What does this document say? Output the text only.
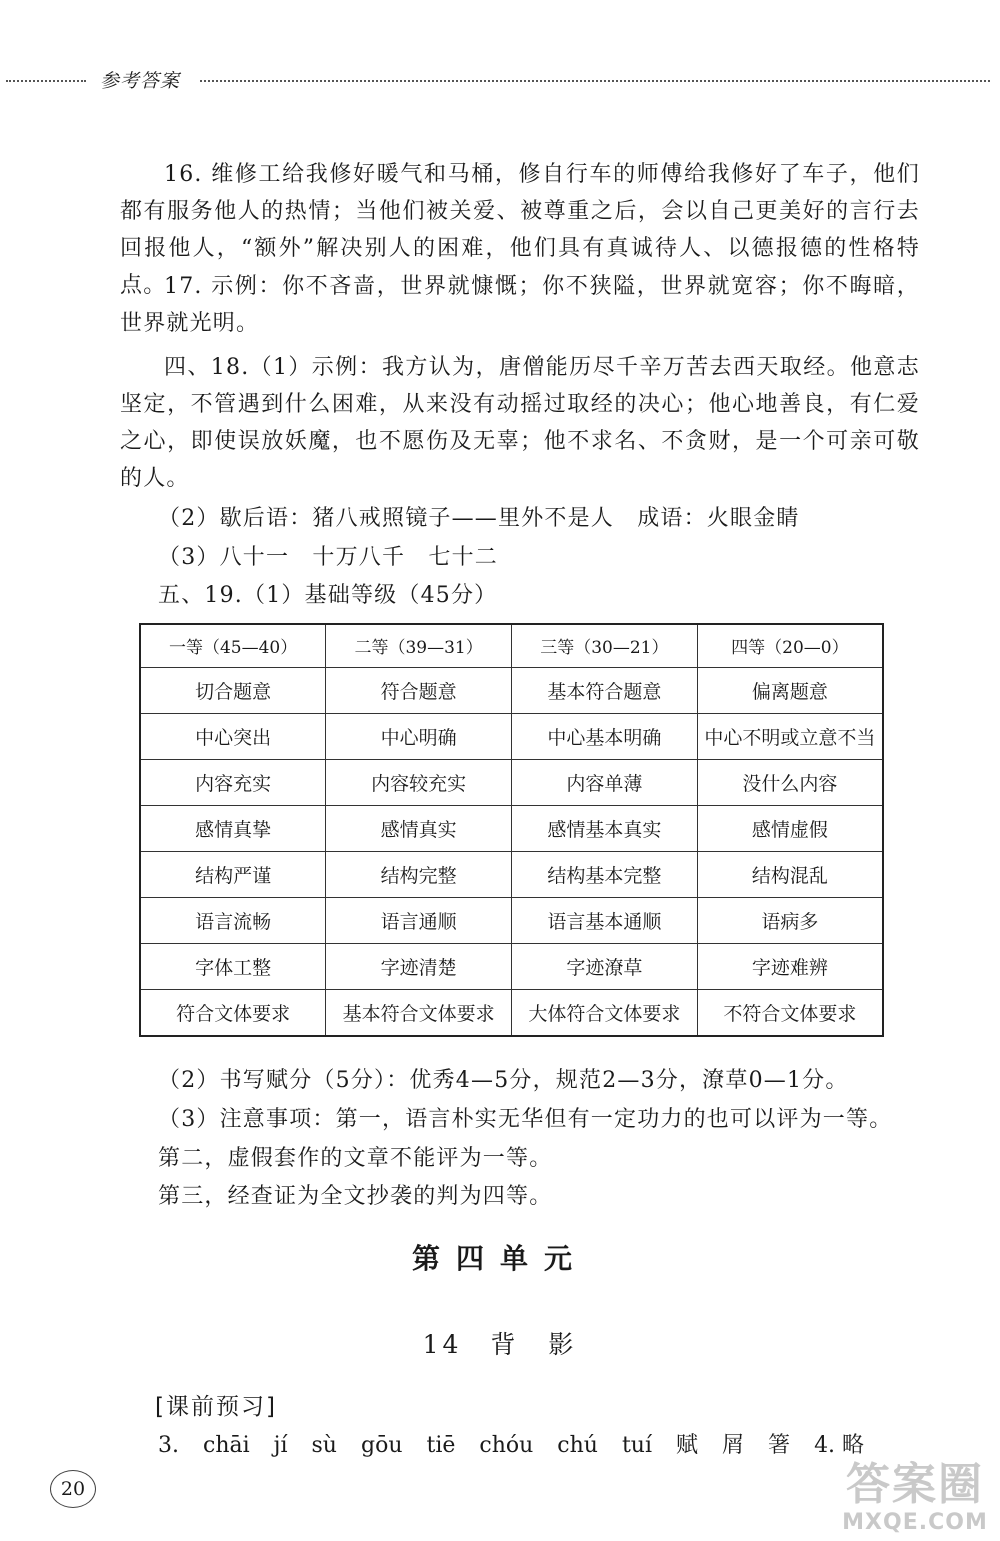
参考答案

16. 维修工给我修好暖气和马桶，修自行车的师傅给我修好了车子，他们都有服务他人的热情；当他们被关爱、被尊重之后，会以自己更美好的言行去回报他人，“额外”解决别人的困难，他们具有真诚待人、以德报德的性格特点。

17. 示例：你不吝啬，世界就慷慨；你不狭隘，世界就宽容；你不晦暗，世界就光明。

四、18.（1）示例：我方认为，唐僧能历尽千辛万苦去西天取经。他意志坚定，不管遇到什么困难，从来没有动摇过取经的决心；他心地善良，有仁爱之心，即使误放妖魔，也不愿伤及无辜；他不求名、不贪财，是一个可亲可敬的人。

（2）歇后语：猪八戒照镜子——里外不是人　成语：火眼金睛

（3）八十一　十万八千　七十二

五、19.（1）基础等级（45分）

一等（45—40）	二等（39—31）	三等（30—21）	四等（20—0）
切合题意	符合题意	基本符合题意	偏离题意
中心突出	中心明确	中心基本明确	中心不明或立意不当
内容充实	内容较充实	内容单薄	没什么内容
感情真挚	感情真实	感情基本真实	感情虚假
结构严谨	结构完整	结构基本完整	结构混乱
语言流畅	语言通顺	语言基本通顺	语病多
字体工整	字迹清楚	字迹潦草	字迹难辨
符合文体要求	基本符合文体要求	大体符合文体要求	不符合文体要求

（2）书写赋分（5分）：优秀4—5分，规范2—3分，潦草0—1分。

（3）注意事项：第一，语言朴实无华但有一定功力的也可以评为一等。

第二，虚假套作的文章不能评为一等。

第三，经查证为全文抄袭的判为四等。

第四单元
14 背　影
[课前预习]
3. chāi jí sù gōu tiē chóu chú tuí 赋 屑 箸 4. 略
20	答案圈
MXQE.COM
